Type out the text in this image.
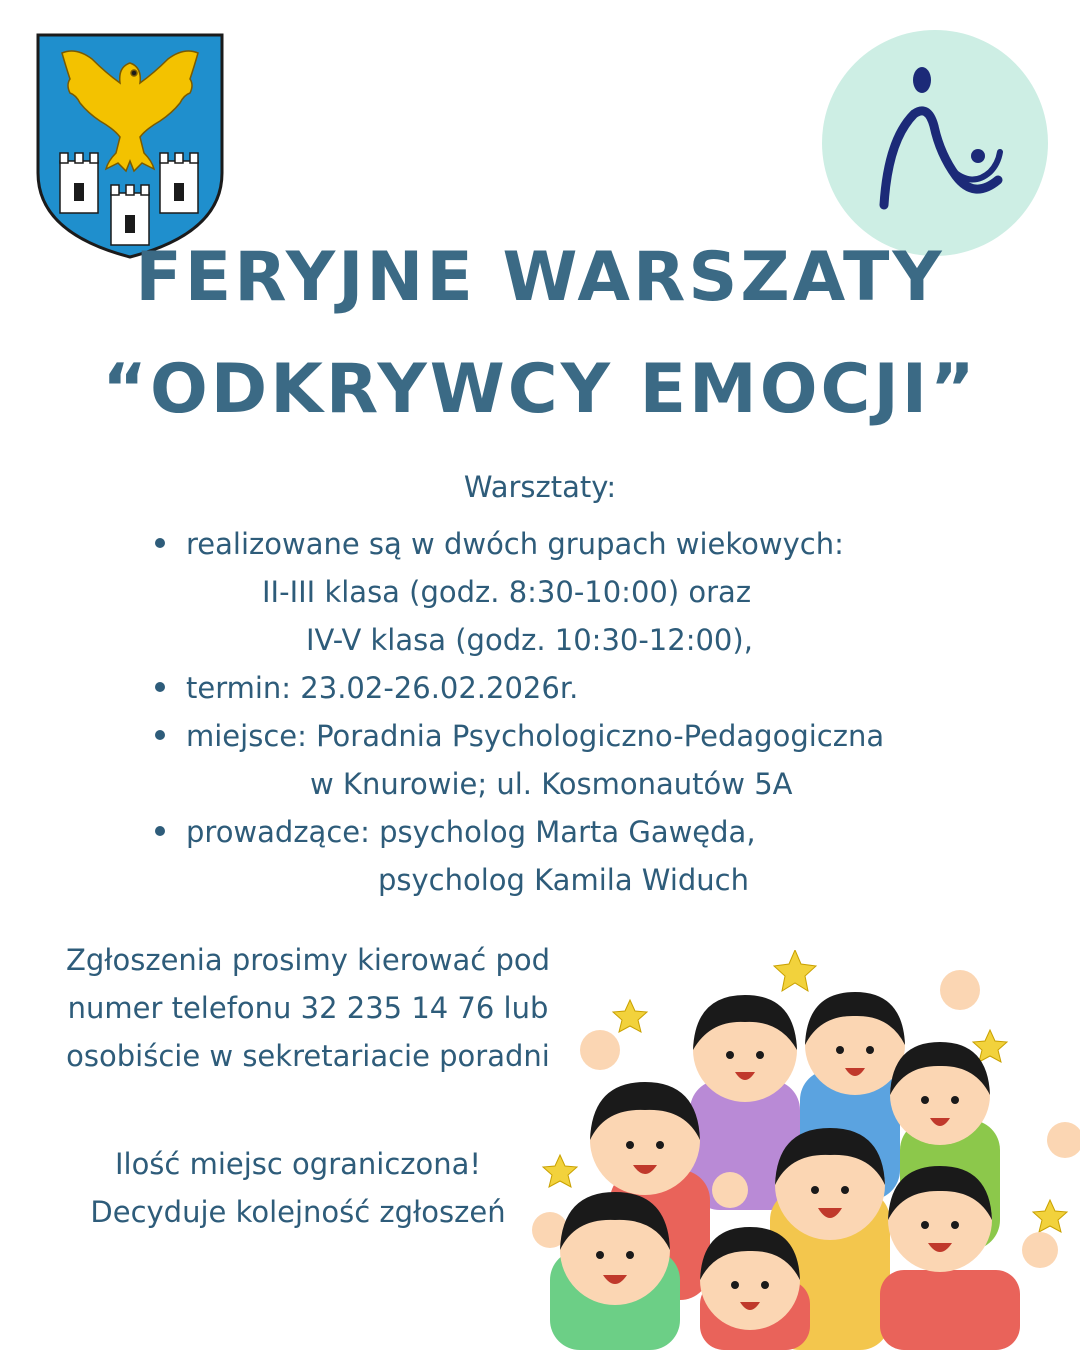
FERYJNE WARSZATY
“ODKRYWCY EMOCJI”
Warsztaty:
realizowane są w dwóch grupach wiekowych:
II-III klasa (godz. 8:30-10:00) oraz
IV-V klasa (godz. 10:30-12:00),
termin: 23.02-26.02.2026r.
miejsce: Poradnia Psychologiczno-Pedagogiczna
w Knurowie; ul. Kosmonautów 5A
prowadzące: psycholog Marta Gawęda,
psycholog Kamila Widuch
Zgłoszenia prosimy kierować pod
numer telefonu 32 235 14 76 lub
osobiście w sekretariacie poradni
Ilość miejsc ograniczona!
Decyduje kolejność zgłoszeń
